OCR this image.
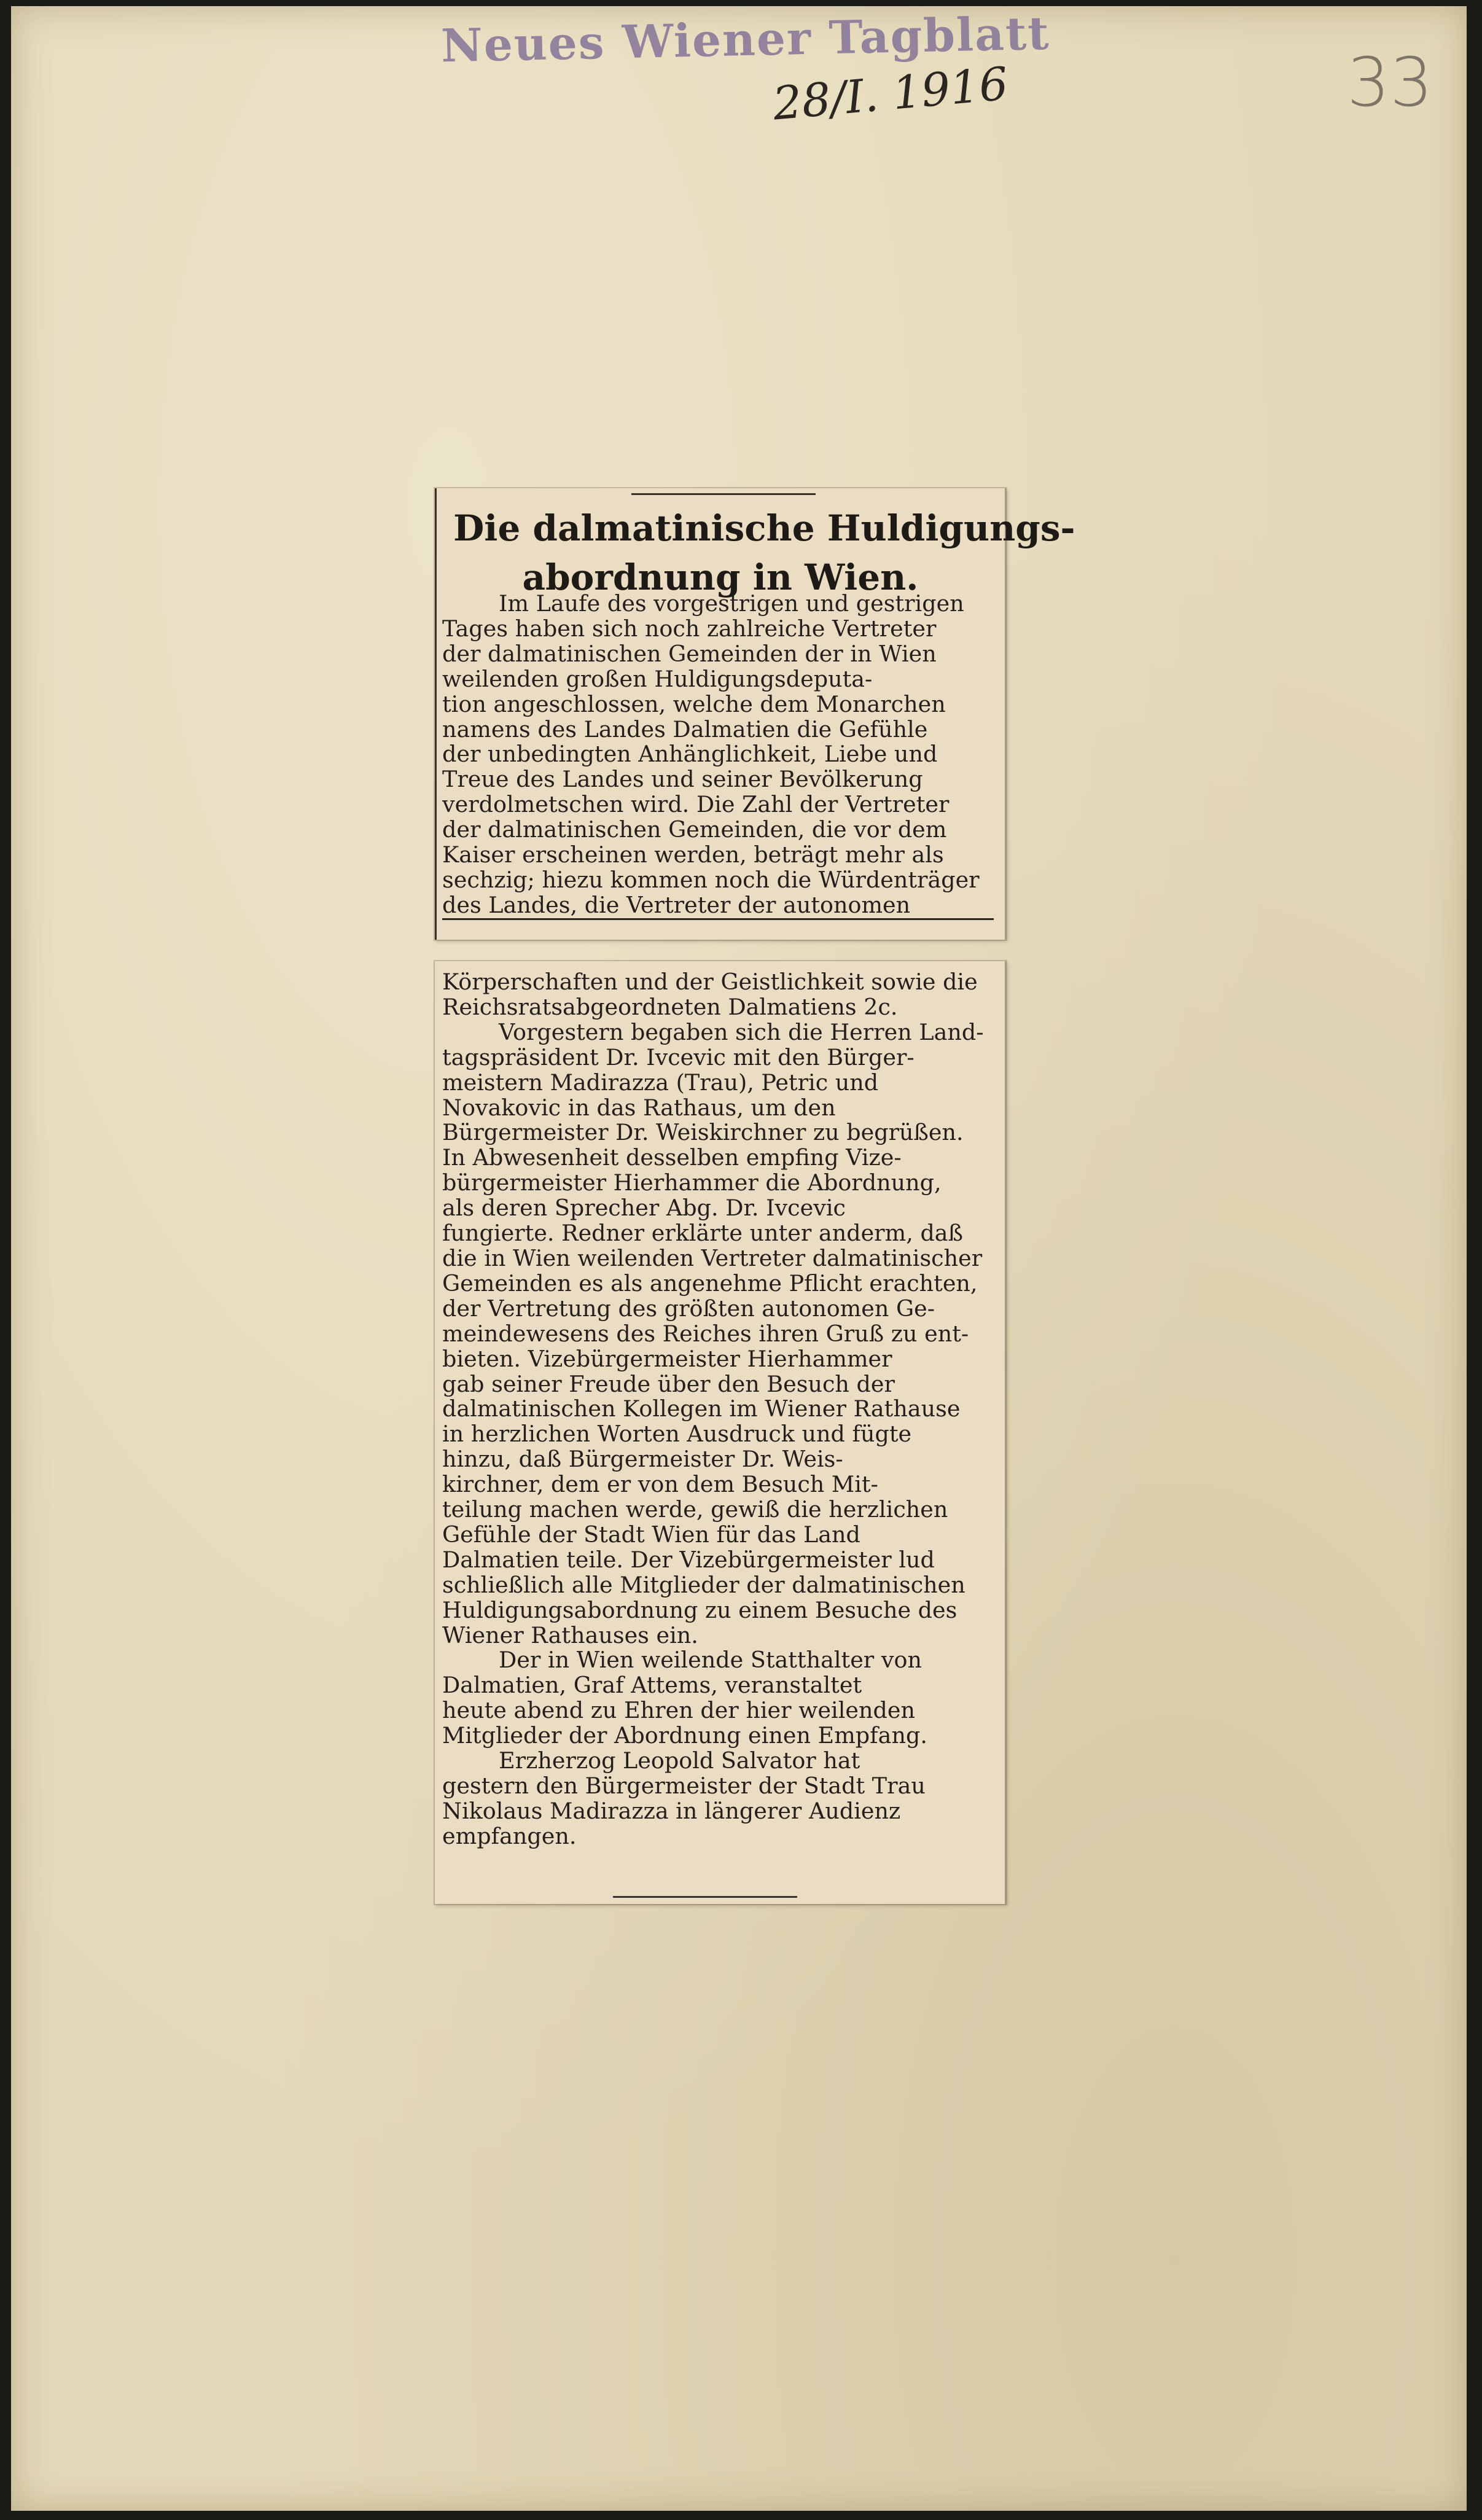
Neues Wiener Tagblatt
28/I. 1916	33
Die dalmatinische Huldigungs-
abordnung in Wien.
Im Laufe des vorgestrigen und gestrigen
Tages haben sich noch zahlreiche Vertreter
der dalmatinischen Gemeinden der in Wien
weilenden großen Huldigungsdeputa-
tion angeschlossen, welche dem Monarchen
namens des Landes Dalmatien die Gefühle
der unbedingten Anhänglichkeit, Liebe und
Treue des Landes und seiner Bevölkerung
verdolmetschen wird. Die Zahl der Vertreter
der dalmatinischen Gemeinden, die vor dem
Kaiser erscheinen werden, beträgt mehr als
sechzig; hiezu kommen noch die Würdenträger
des Landes, die Vertreter der autonomen
Körperschaften und der Geistlichkeit sowie die
Reichsratsabgeordneten Dalmatiens 2c.
Vorgestern begaben sich die Herren Land-
tagspräsident Dr. Ivcevic mit den Bürger-
meistern Madirazza (Trau), Petric und
Novakovic in das Rathaus, um den
Bürgermeister Dr. Weiskirchner zu begrüßen.
In Abwesenheit desselben empfing Vize-
bürgermeister Hierhammer die Abordnung,
als deren Sprecher Abg. Dr. Ivcevic
fungierte. Redner erklärte unter anderm, daß
die in Wien weilenden Vertreter dalmatinischer
Gemeinden es als angenehme Pflicht erachten,
der Vertretung des größten autonomen Ge-
meindewesens des Reiches ihren Gruß zu ent-
bieten. Vizebürgermeister Hierhammer
gab seiner Freude über den Besuch der
dalmatinischen Kollegen im Wiener Rathause
in herzlichen Worten Ausdruck und fügte
hinzu, daß Bürgermeister Dr. Weis-
kirchner, dem er von dem Besuch Mit-
teilung machen werde, gewiß die herzlichen
Gefühle der Stadt Wien für das Land
Dalmatien teile. Der Vizebürgermeister lud
schließlich alle Mitglieder der dalmatinischen
Huldigungsabordnung zu einem Besuche des
Wiener Rathauses ein.
Der in Wien weilende Statthalter von
Dalmatien, Graf Attems, veranstaltet
heute abend zu Ehren der hier weilenden
Mitglieder der Abordnung einen Empfang.
Erzherzog Leopold Salvator hat
gestern den Bürgermeister der Stadt Trau
Nikolaus Madirazza in längerer Audienz
empfangen.
